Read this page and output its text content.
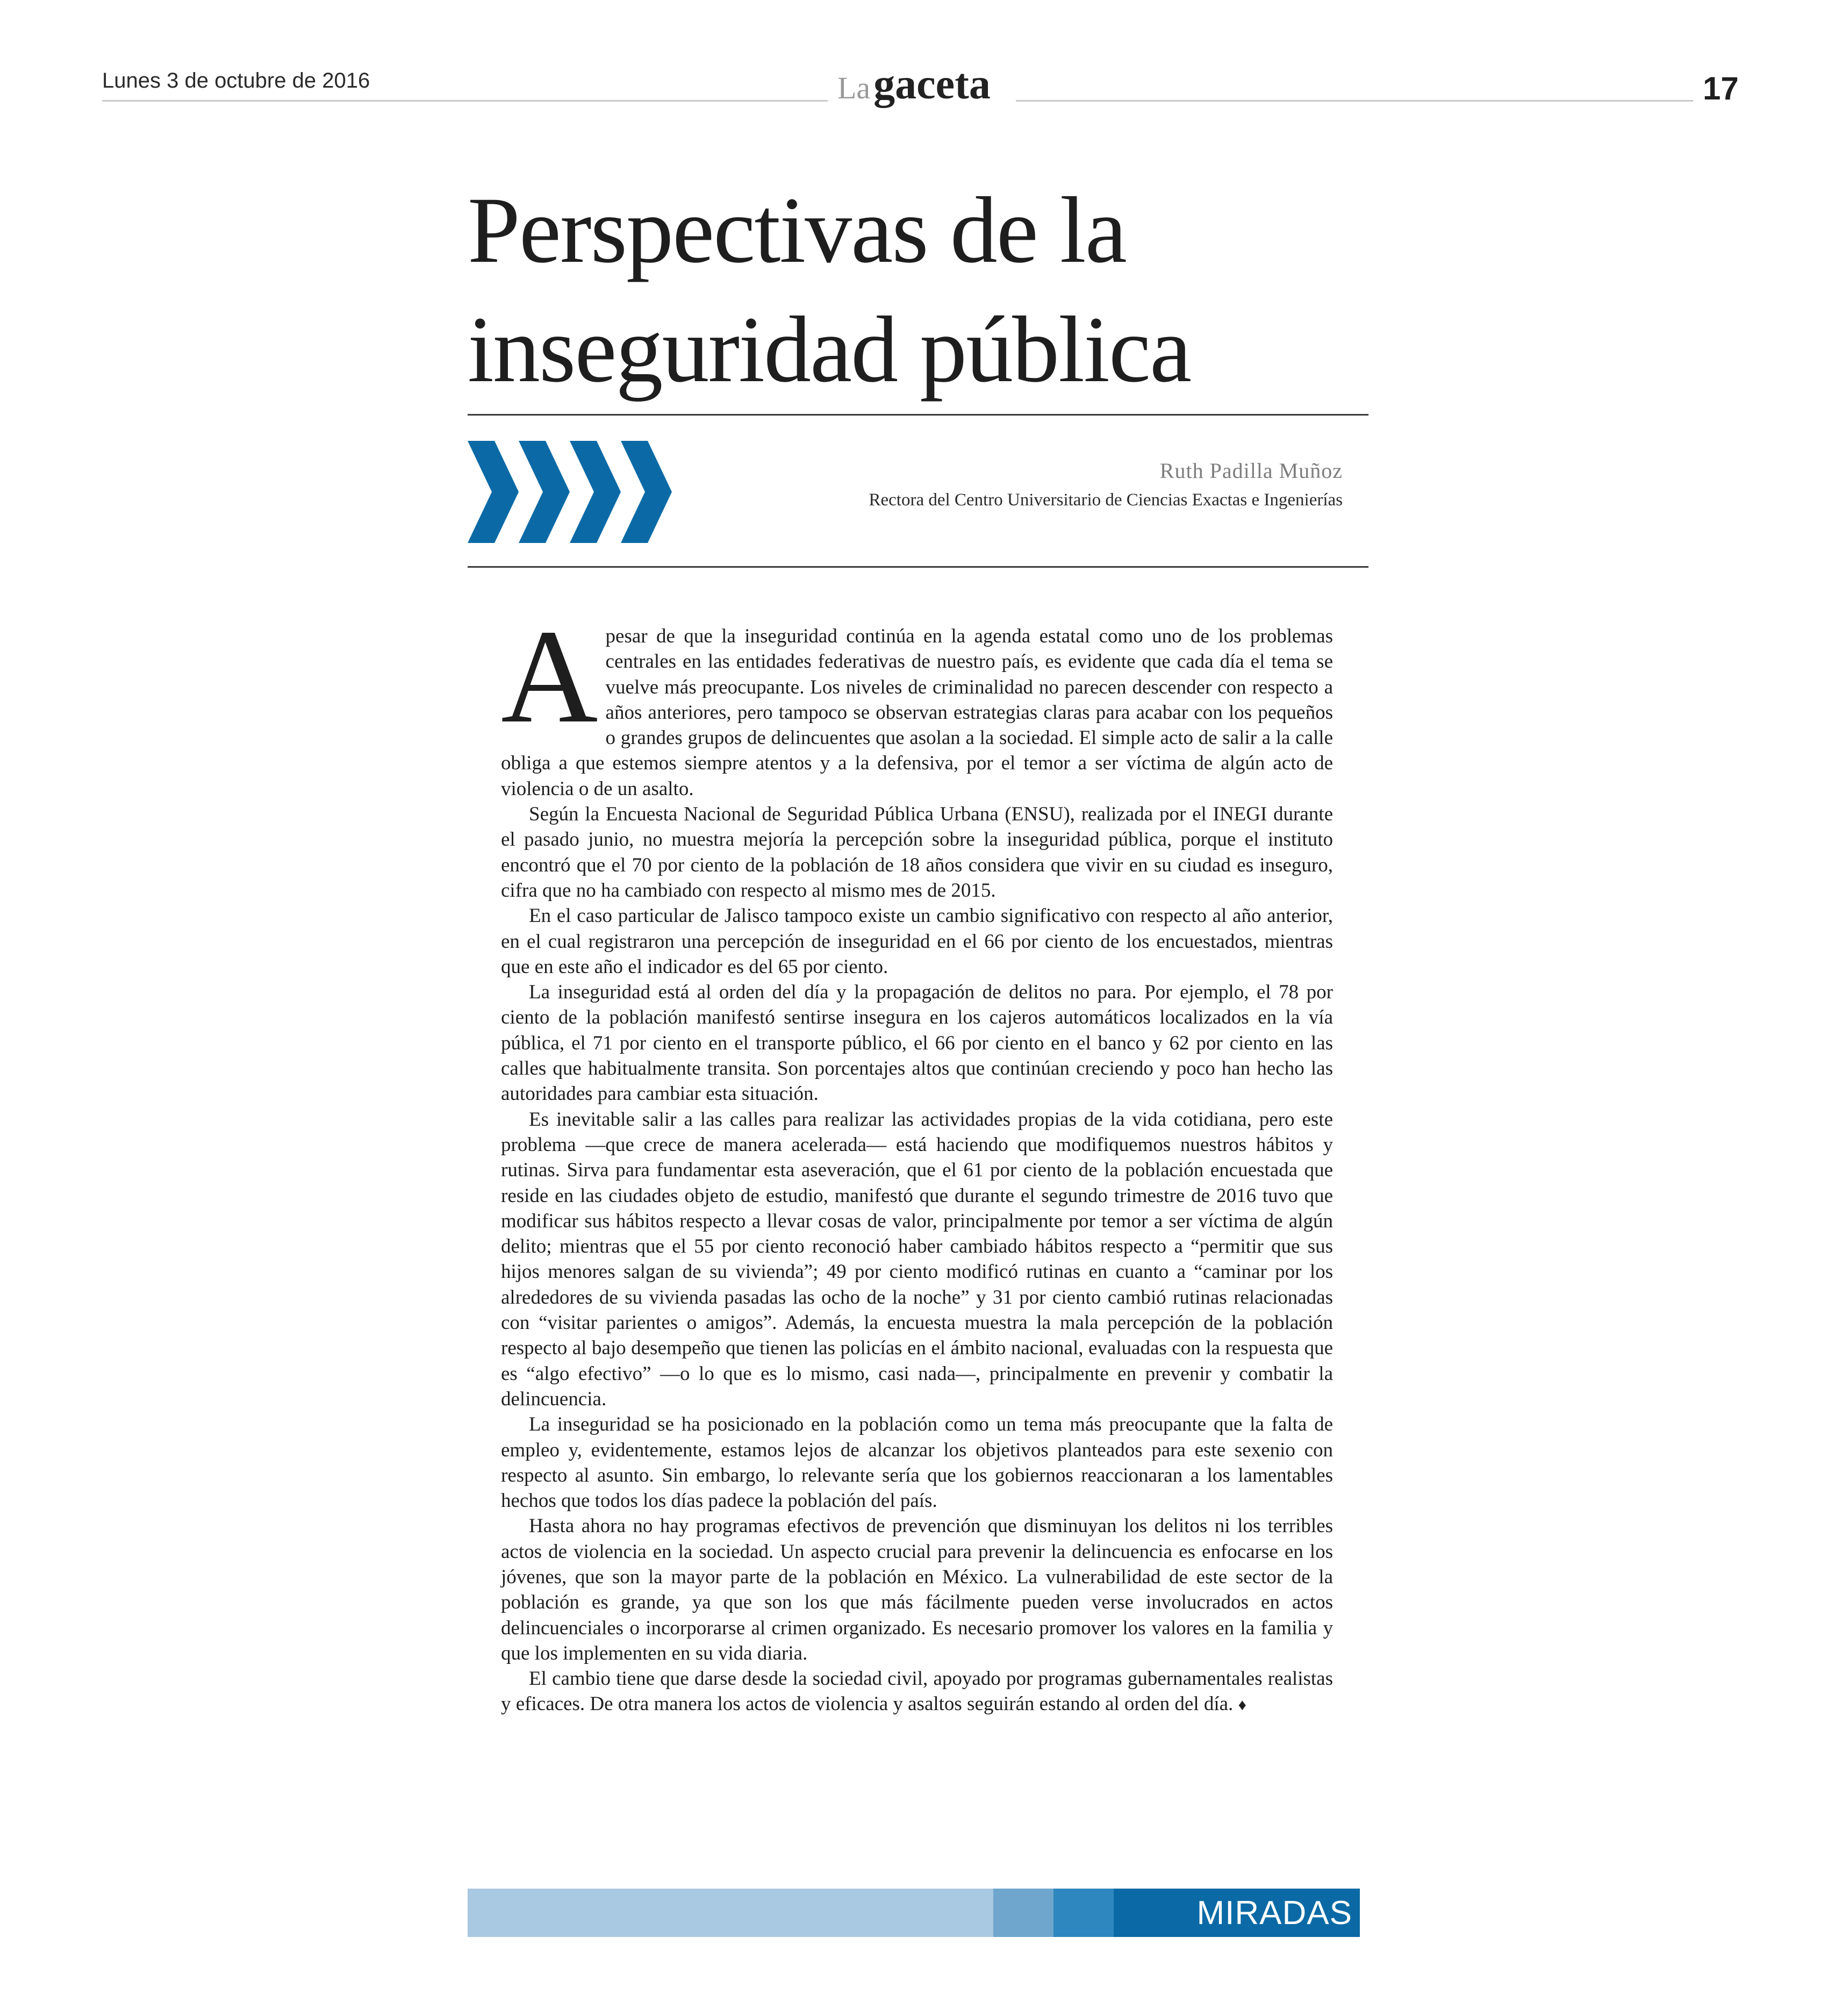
Lunes 3 de octubre de 2016	Lagaceta	17
Perspectivas de la
inseguridad pública
Ruth Padilla Muñoz
Rectora del Centro Universitario de Ciencias Exactas e Ingenierías

Apesar de que la inseguridad continúa en la agenda estatal como uno de los problemas centrales en las entidades federativas de nuestro país, es evidente que cada día el tema se vuelve más preocupante. Los niveles de criminalidad no parecen descender con respecto a años anteriores, pero tampoco se observan estrategias claras para acabar con los pequeños o grandes grupos de delincuentes que asolan a la sociedad. El simple acto de salir a la calle obliga a que estemos siempre atentos y a la defensiva, por el temor a ser víctima de algún acto de violencia o de un asalto.

Según la Encuesta Nacional de Seguridad Pública Urbana (ENSU), realizada por el INEGI durante el pasado junio, no muestra mejoría la percepción sobre la inseguridad pública, porque el instituto encontró que el 70 por ciento de la población de 18 años considera que vivir en su ciudad es inseguro, cifra que no ha cambiado con respecto al mismo mes de 2015.

En el caso particular de Jalisco tampoco existe un cambio significativo con respecto al año anterior, en el cual registraron una percepción de inseguridad en el 66 por ciento de los encuestados, mientras que en este año el indicador es del 65 por ciento.

La inseguridad está al orden del día y la propagación de delitos no para. Por ejemplo, el 78 por ciento de la población manifestó sentirse insegura en los cajeros automáticos localizados en la vía pública, el 71 por ciento en el transporte público, el 66 por ciento en el banco y 62 por ciento en las calles que habitualmente transita. Son porcentajes altos que continúan creciendo y poco han hecho las autoridades para cambiar esta situación.

Es inevitable salir a las calles para realizar las actividades propias de la vida cotidiana, pero este problema —que crece de manera acelerada— está haciendo que modifiquemos nuestros hábitos y rutinas. Sirva para fundamentar esta aseveración, que el 61 por ciento de la población encuestada que reside en las ciudades objeto de estudio, manifestó que durante el segundo trimestre de 2016 tuvo que modificar sus hábitos respecto a llevar cosas de valor, principalmente por temor a ser víctima de algún delito; mientras que el 55 por ciento reconoció haber cambiado hábitos respecto a “permitir que sus hijos menores salgan de su vivienda”; 49 por ciento modificó rutinas en cuanto a “caminar por los alrededores de su vivienda pasadas las ocho de la noche” y 31 por ciento cambió rutinas relacionadas con “visitar parientes o amigos”. Además, la encuesta muestra la mala percepción de la población respecto al bajo desempeño que tienen las policías en el ámbito nacional, evaluadas con la respuesta que es “algo efectivo” —o lo que es lo mismo, casi nada—, principalmente en prevenir y combatir la delincuencia.

La inseguridad se ha posicionado en la población como un tema más preocupante que la falta de empleo y, evidentemente, estamos lejos de alcanzar los objetivos planteados para este sexenio con respecto al asunto. Sin embargo, lo relevante sería que los gobiernos reaccionaran a los lamentables hechos que todos los días padece la población del país.

Hasta ahora no hay programas efectivos de prevención que disminuyan los delitos ni los terribles actos de violencia en la sociedad. Un aspecto crucial para prevenir la delincuencia es enfocarse en los jóvenes, que son la mayor parte de la población en México. La vulnerabilidad de este sector de la población es grande, ya que son los que más fácilmente pueden verse involucrados en actos delincuenciales o incorporarse al crimen organizado. Es necesario promover los valores en la familia y que los implementen en su vida diaria.

El cambio tiene que darse desde la sociedad civil, apoyado por programas gubernamentales realistas y eficaces. De otra manera los actos de violencia y asaltos seguirán estando al orden del día. ♦

MIRADAS
